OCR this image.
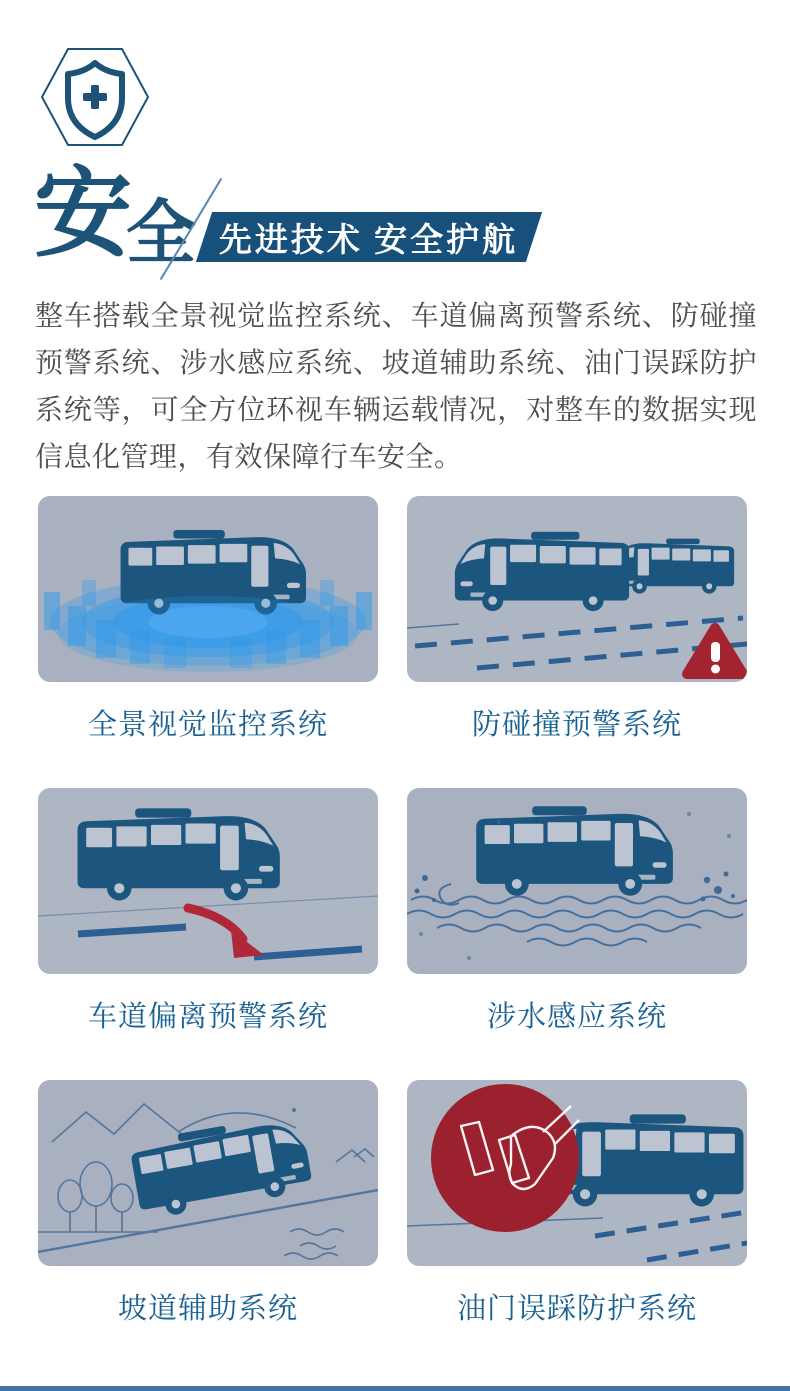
安全 先进技术 安全护航

整车搭载全景视觉监控系统、车道偏离预警系统、防碰撞预警系统、涉水感应系统、坡道辅助系统、油门误踩防护系统等，可全方位环视车辆运载情况，对整车的数据实现信息化管理，有效保障行车安全。

全景视觉监控系统	防碰撞预警系统
车道偏离预警系统	涉水感应系统
坡道辅助系统	油门误踩防护系统
